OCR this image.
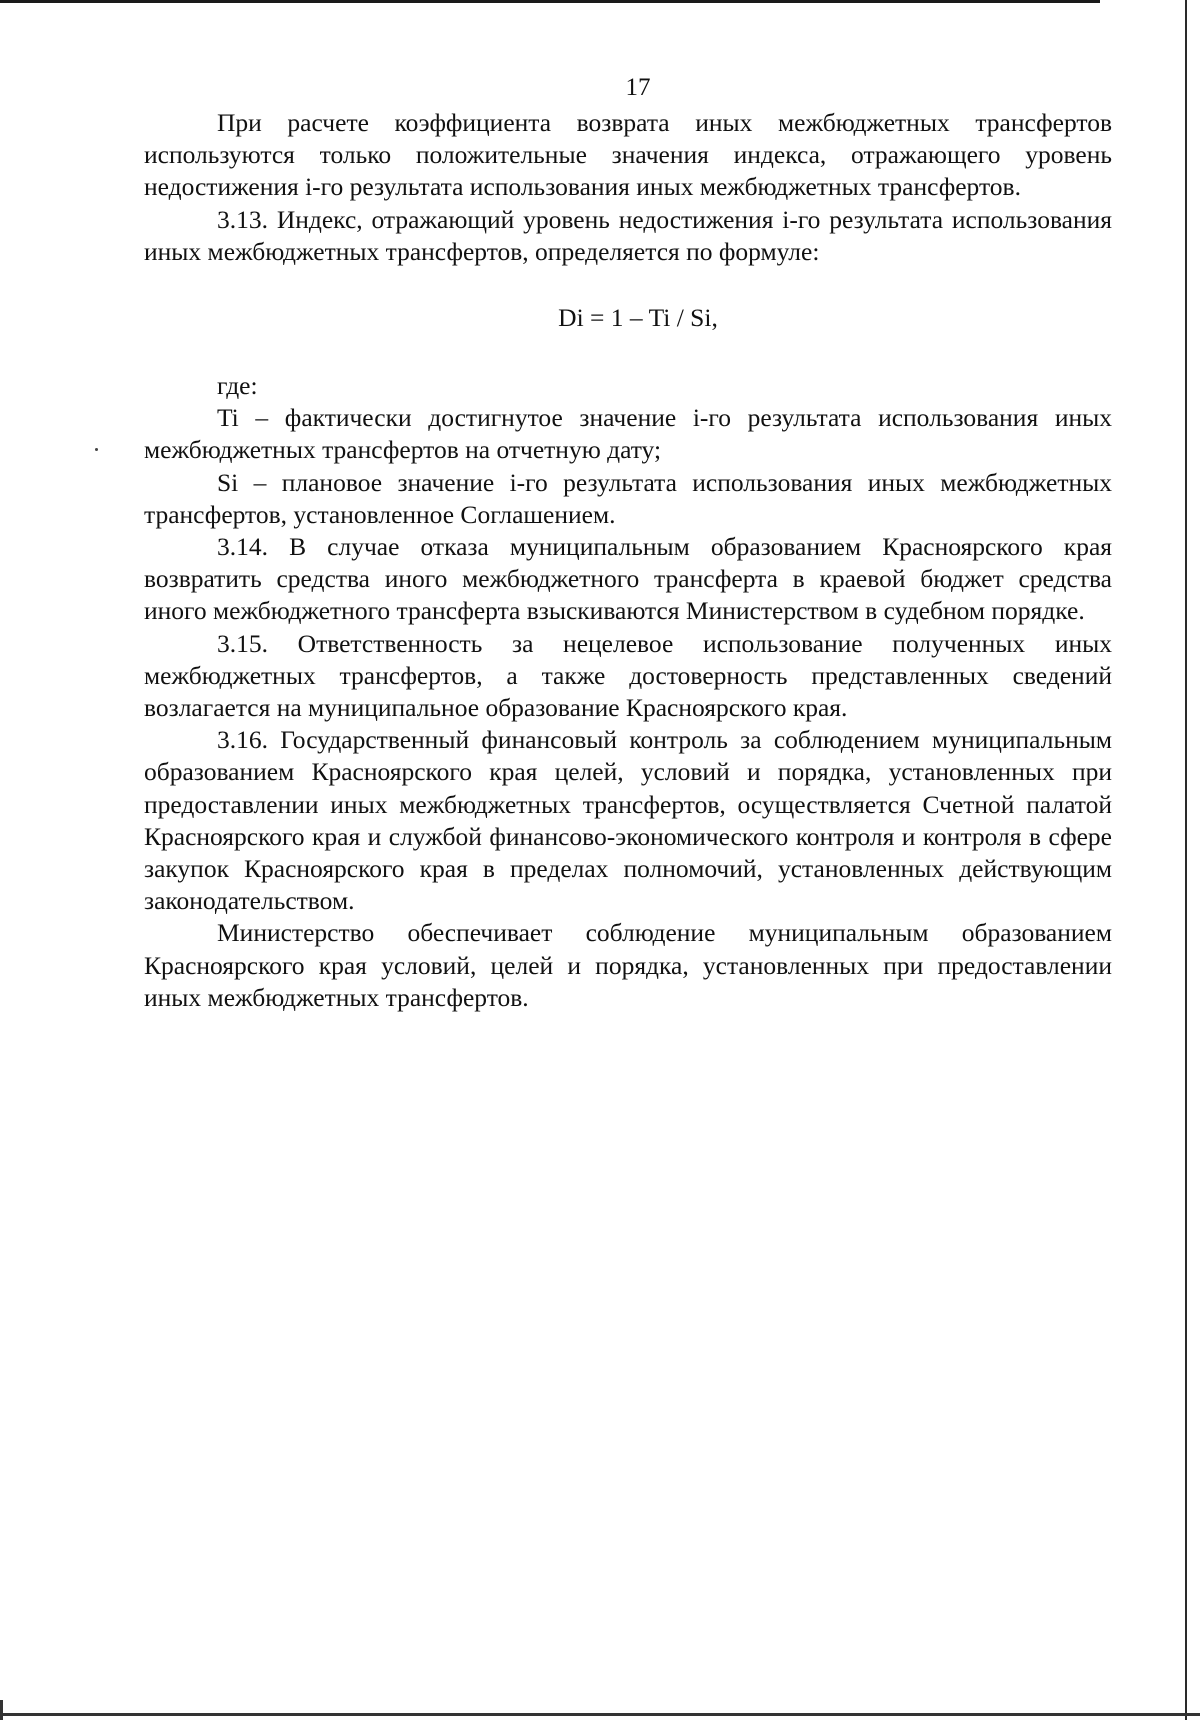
17

При расчете коэффициента возврата иных межбюджетных трансфертов используются только положительные значения индекса, отражающего уровень недостижения i-го результата использования иных межбюджетных трансфертов.

3.13. Индекс, отражающий уровень недостижения i-го результата использования иных межбюджетных трансфертов, определяется по формуле:

Di = 1 – Ti / Si,

где:

Ti – фактически достигнутое значение i-го результата использования иных межбюджетных трансфертов на отчетную дату;

Si – плановое значение i-го результата использования иных межбюджетных трансфертов, установленное Соглашением.

3.14. В случае отказа муниципальным образованием Красноярского края возвратить средства иного межбюджетного трансферта в краевой бюджет средства иного межбюджетного трансферта взыскиваются Министерством в судебном порядке.

3.15. Ответственность за нецелевое использование полученных иных межбюджетных трансфертов, а также достоверность представленных сведений возлагается на муниципальное образование Красноярского края.

3.16. Государственный финансовый контроль за соблюдением муниципальным образованием Красноярского края целей, условий и порядка, установленных при предоставлении иных межбюджетных трансфертов, осуществляется Счетной палатой Красноярского края и службой финансово-экономического контроля и контроля в сфере закупок Красноярского края в пределах полномочий, установленных действующим законодательством.

Министерство обеспечивает соблюдение муниципальным образованием Красноярского края условий, целей и порядка, установленных при предоставлении иных межбюджетных трансфертов.
